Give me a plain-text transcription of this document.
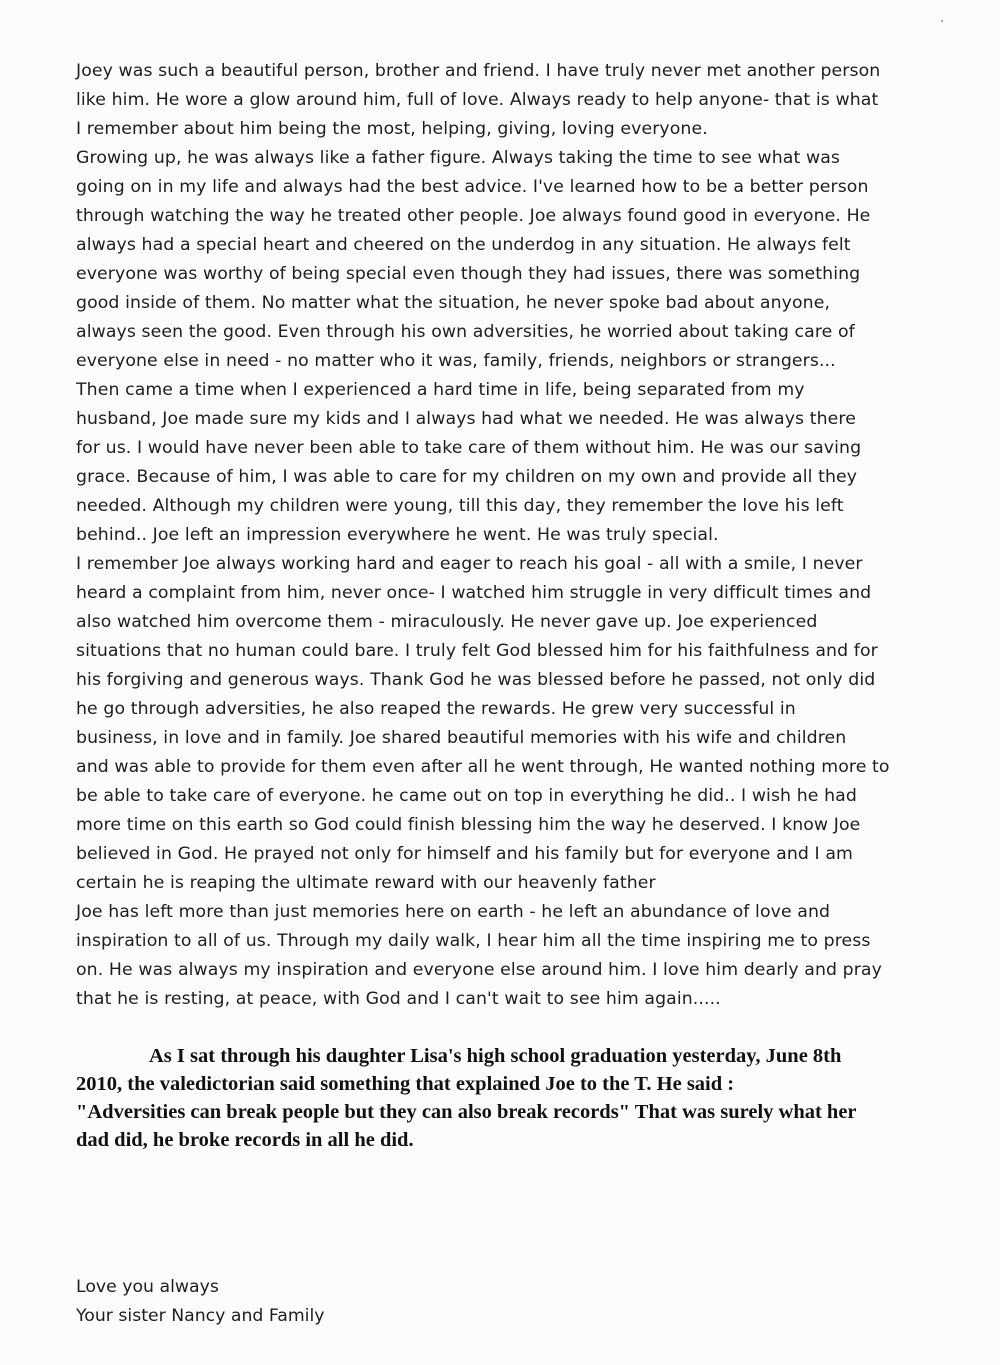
Joey was such a beautiful person, brother and friend. I have truly never met another person
like him. He wore a glow around him, full of love. Always ready to help anyone- that is what
I remember about him being the most, helping, giving, loving everyone.
Growing up, he was always like a father figure. Always taking the time to see what was
going on in my life and always had the best advice. I've learned how to be a better person
through watching the way he treated other people. Joe always found good in everyone. He
always had a special heart and cheered on the underdog in any situation. He always felt
everyone was worthy of being special even though they had issues, there was something
good inside of them. No matter what the situation, he never spoke bad about anyone,
always seen the good. Even through his own adversities, he worried about taking care of
everyone else in need - no matter who it was, family, friends, neighbors or strangers...
Then came a time when I experienced a hard time in life, being separated from my
husband, Joe made sure my kids and I always had what we needed. He was always there
for us. I would have never been able to take care of them without him. He was our saving
grace. Because of him, I was able to care for my children on my own and provide all they
needed. Although my children were young, till this day, they remember the love his left
behind.. Joe left an impression everywhere he went. He was truly special.
I remember Joe always working hard and eager to reach his goal - all with a smile, I never
heard a complaint from him, never once- I watched him struggle in very difficult times and
also watched him overcome them - miraculously. He never gave up. Joe experienced
situations that no human could bare. I truly felt God blessed him for his faithfulness and for
his forgiving and generous ways. Thank God he was blessed before he passed, not only did
he go through adversities, he also reaped the rewards. He grew very successful in
business, in love and in family. Joe shared beautiful memories with his wife and children
and was able to provide for them even after all he went through, He wanted nothing more to
be able to take care of everyone. he came out on top in everything he did.. I wish he had
more time on this earth so God could finish blessing him the way he deserved. I know Joe
believed in God. He prayed not only for himself and his family but for everyone and I am
certain he is reaping the ultimate reward with our heavenly father
Joe has left more than just memories here on earth - he left an abundance of love and
inspiration to all of us. Through my daily walk, I hear him all the time inspiring me to press
on. He was always my inspiration and everyone else around him. I love him dearly and pray
that he is resting, at peace, with God and I can't wait to see him again.....
As I sat through his daughter Lisa's high school graduation yesterday, June 8th
2010, the valedictorian said something that explained Joe to the T. He said :
"Adversities can break people but they can also break records" That was surely what her
dad did, he broke records in all he did.
Love you always
Your sister Nancy and Family
